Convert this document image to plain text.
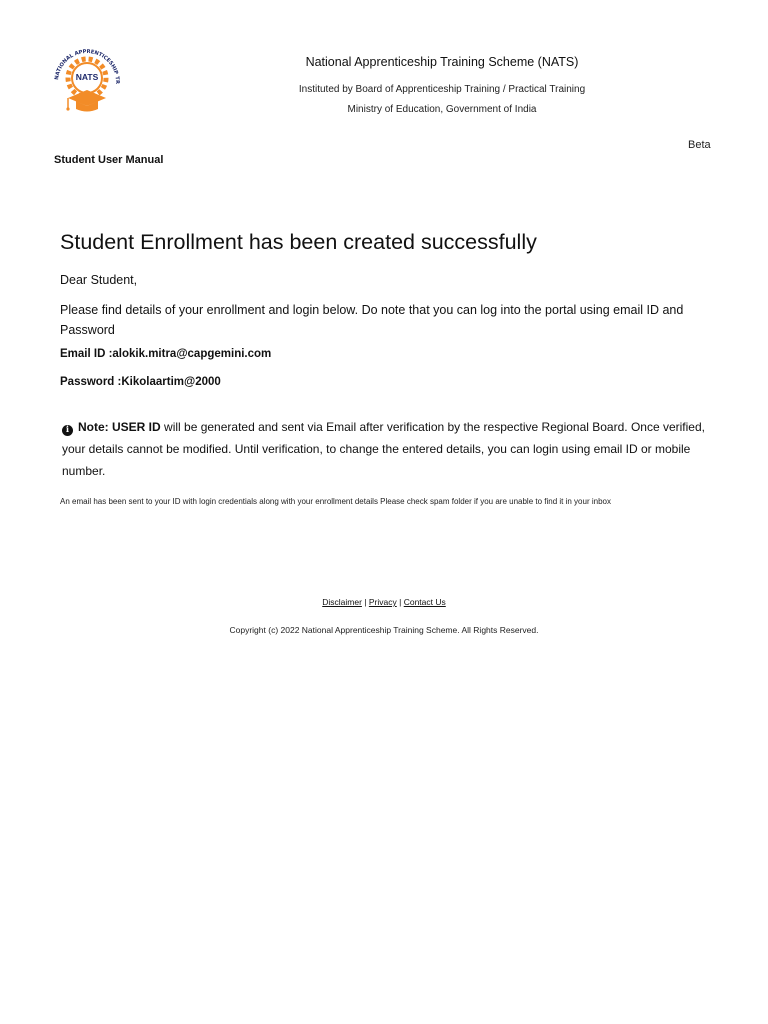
NATIONAL APPRENTICESHIP TR
NATS
National Apprenticeship Training Scheme (NATS)
Instituted by Board of Apprenticeship Training / Practical Training
Ministry of Education, Government of India
Beta
Student User Manual
Student Enrollment has been created successfully
Dear Student,
Please find details of your enrollment and login below. Do note that you can log into the portal using email ID and Password
Email ID :alokik.mitra@capgemini.com
Password :Kikolaartim@2000
i Note: USER ID will be generated and sent via Email after verification by the respective Regional Board. Once verified, your details cannot be modified. Until verification, to change the entered details, you can login using email ID or mobile number.
An email has been sent to your ID with login credentials along with your enrollment details Please check spam folder if you are unable to find it in your inbox
Disclaimer | Privacy | Contact Us
Copyright (c) 2022 National Apprenticeship Training Scheme. All Rights Reserved.
